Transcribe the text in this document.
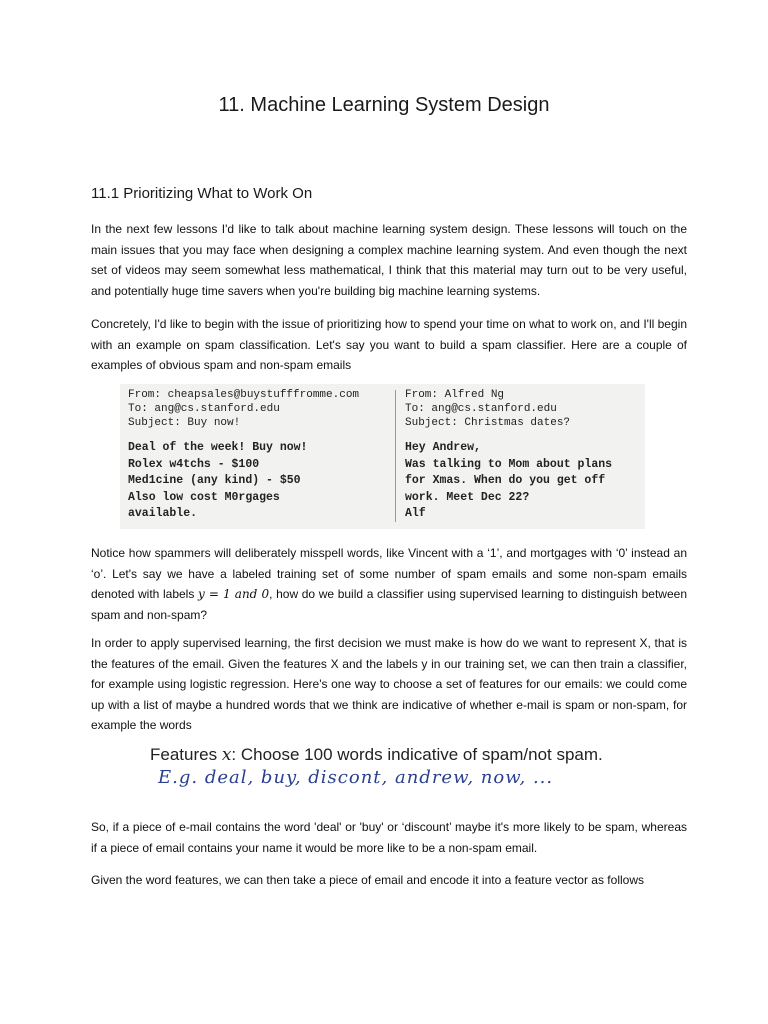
11. Machine Learning System Design
11.1 Prioritizing What to Work On

In the next few lessons I'd like to talk about machine learning system design. These lessons will touch on the main issues that you may face when designing a complex machine learning system. And even though the next set of videos may seem somewhat less mathematical, I think that this material may turn out to be very useful, and potentially huge time savers when you're building big machine learning systems.

Concretely, I'd like to begin with the issue of prioritizing how to spend your time on what to work on, and I'll begin with an example on spam classification. Let's say you want to build a spam classifier. Here are a couple of examples of obvious spam and non-spam emails

From: cheapsales@buystufffromme.com
To: ang@cs.stanford.edu
Subject: Buy now!
Deal of the week! Buy now!
Rolex w4tchs - $100
Med1cine (any kind) - $50
Also low cost M0rgages
available.
From: Alfred Ng
To: ang@cs.stanford.edu
Subject: Christmas dates?
Hey Andrew,
Was talking to Mom about plans
for Xmas. When do you get off
work. Meet Dec 22?
Alf

Notice how spammers will deliberately misspell words, like Vincent with a ‘1’, and mortgages with ‘0’ instead an ‘o’. Let's say we have a labeled training set of some number of spam emails and some non-spam emails denoted with labels y = 1 and 0, how do we build a classifier using supervised learning to distinguish between spam and non-spam?

In order to apply supervised learning, the first decision we must make is how do we want to represent X, that is the features of the email. Given the features X and the labels y in our training set, we can then train a classifier, for example using logistic regression. Here's one way to choose a set of features for our emails: we could come up with a list of maybe a hundred words that we think are indicative of whether e-mail is spam or non-spam, for example the words

Features x: Choose 100 words indicative of spam/not spam.
E.g. deal, buy, discont, andrew, now, ...

So, if a piece of e-mail contains the word 'deal' or 'buy' or ‘discount’ maybe it's more likely to be spam, whereas if a piece of email contains your name it would be more like to be a non-spam email.

Given the word features, we can then take a piece of email and encode it into a feature vector as follows
